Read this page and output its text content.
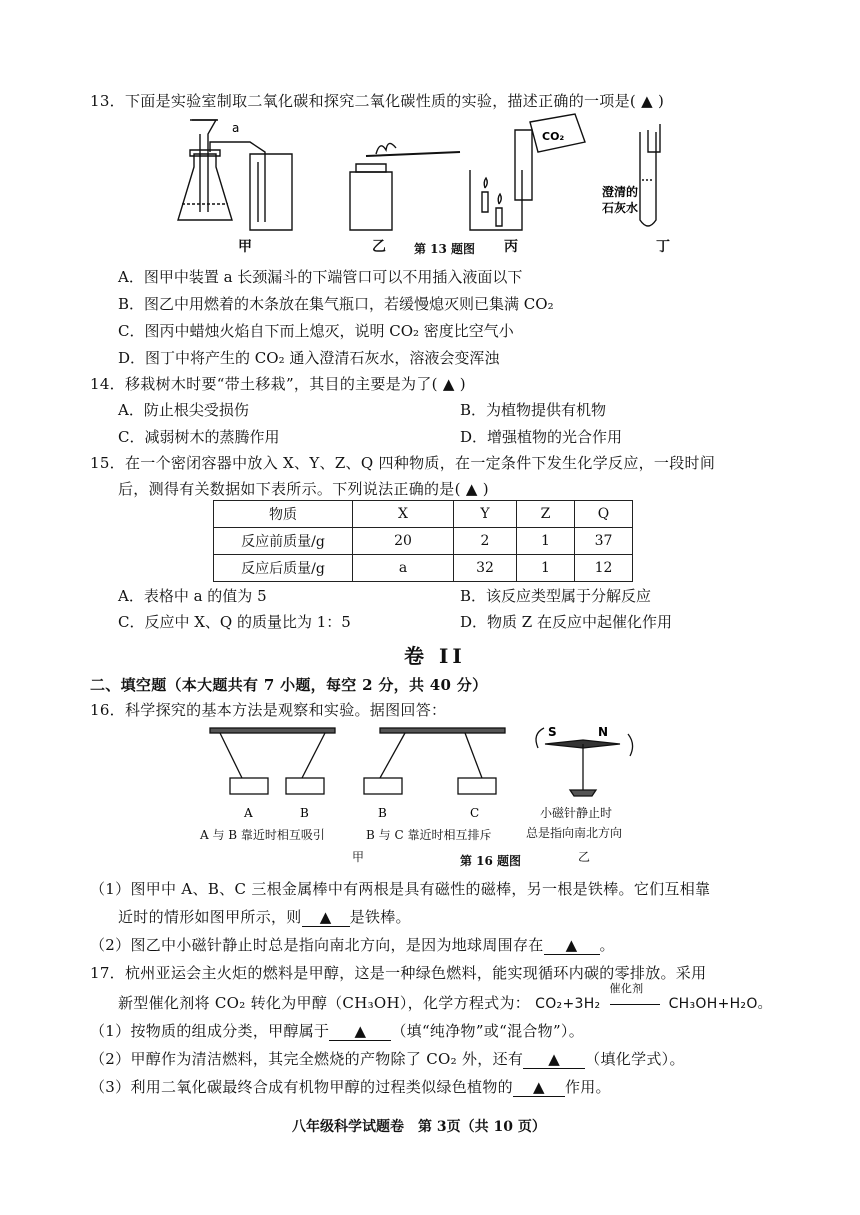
13．下面是实验室制取二氧化碳和探究二氧化碳性质的实验，描述正确的一项是( ▲ )
a
CO₂
澄清的
石灰水
甲	乙 第 13 题图 丙	丁
A．图甲中装置 a 长颈漏斗的下端管口可以不用插入液面以下
B．图乙中用燃着的木条放在集气瓶口，若缓慢熄灭则已集满 CO₂
C．图丙中蜡烛火焰自下而上熄灭，说明 CO₂ 密度比空气小
D．图丁中将产生的 CO₂ 通入澄清石灰水，溶液会变浑浊
14．移栽树木时要“带土移栽”，其目的主要是为了( ▲ )
A．防止根尖受损伤	B．为植物提供有机物
C．减弱树木的蒸腾作用	D．增强植物的光合作用
15．在一个密闭容器中放入 X、Y、Z、Q 四种物质，在一定条件下发生化学反应，一段时间
后，测得有关数据如下表所示。下列说法正确的是( ▲ )
物质	X	Y	Z	Q
反应前质量/g	20	2	1	37
反应后质量/g	a	32	1	12
A．表格中 a 的值为 5	B．该反应类型属于分解反应
C．反应中 X、Q 的质量比为 1：5	D．物质 Z 在反应中起催化作用
卷 II
二、填空题（本大题共有 7 小题，每空 2 分，共 40 分）
16．科学探究的基本方法是观察和实验。据图回答：
A	B	B	C
S	N
A 与 B 靠近时相互吸引	B 与 C 靠近时相互排斥
小磁针静止时
总是指向南北方向
甲	第 16 题图	乙
（1）图甲中 A、B、C 三根金属棒中有两根是具有磁性的磁棒，另一根是铁棒。它们互相靠
近时的情形如图甲所示，则 ▲ 是铁棒。
（2）图乙中小磁针静止时总是指向南北方向，是因为地球周围存在 ▲ 。
17．杭州亚运会主火炬的燃料是甲醇，这是一种绿色燃料，能实现循环内碳的零排放。采用
新型催化剂将 CO₂ 转化为甲醇（CH₃OH），化学方程式为： CO₂+3H₂
催化剂
CH₃OH+H₂O。
（1）按物质的组成分类，甲醇属于 ▲ （填“纯净物”或“混合物”）。
（2）甲醇作为清洁燃料，其完全燃烧的产物除了 CO₂ 外，还有 ▲ （填化学式）。
（3）利用二氧化碳最终合成有机物甲醇的过程类似绿色植物的 ▲ 作用。
八年级科学试题卷　第 3页（共 10 页）
